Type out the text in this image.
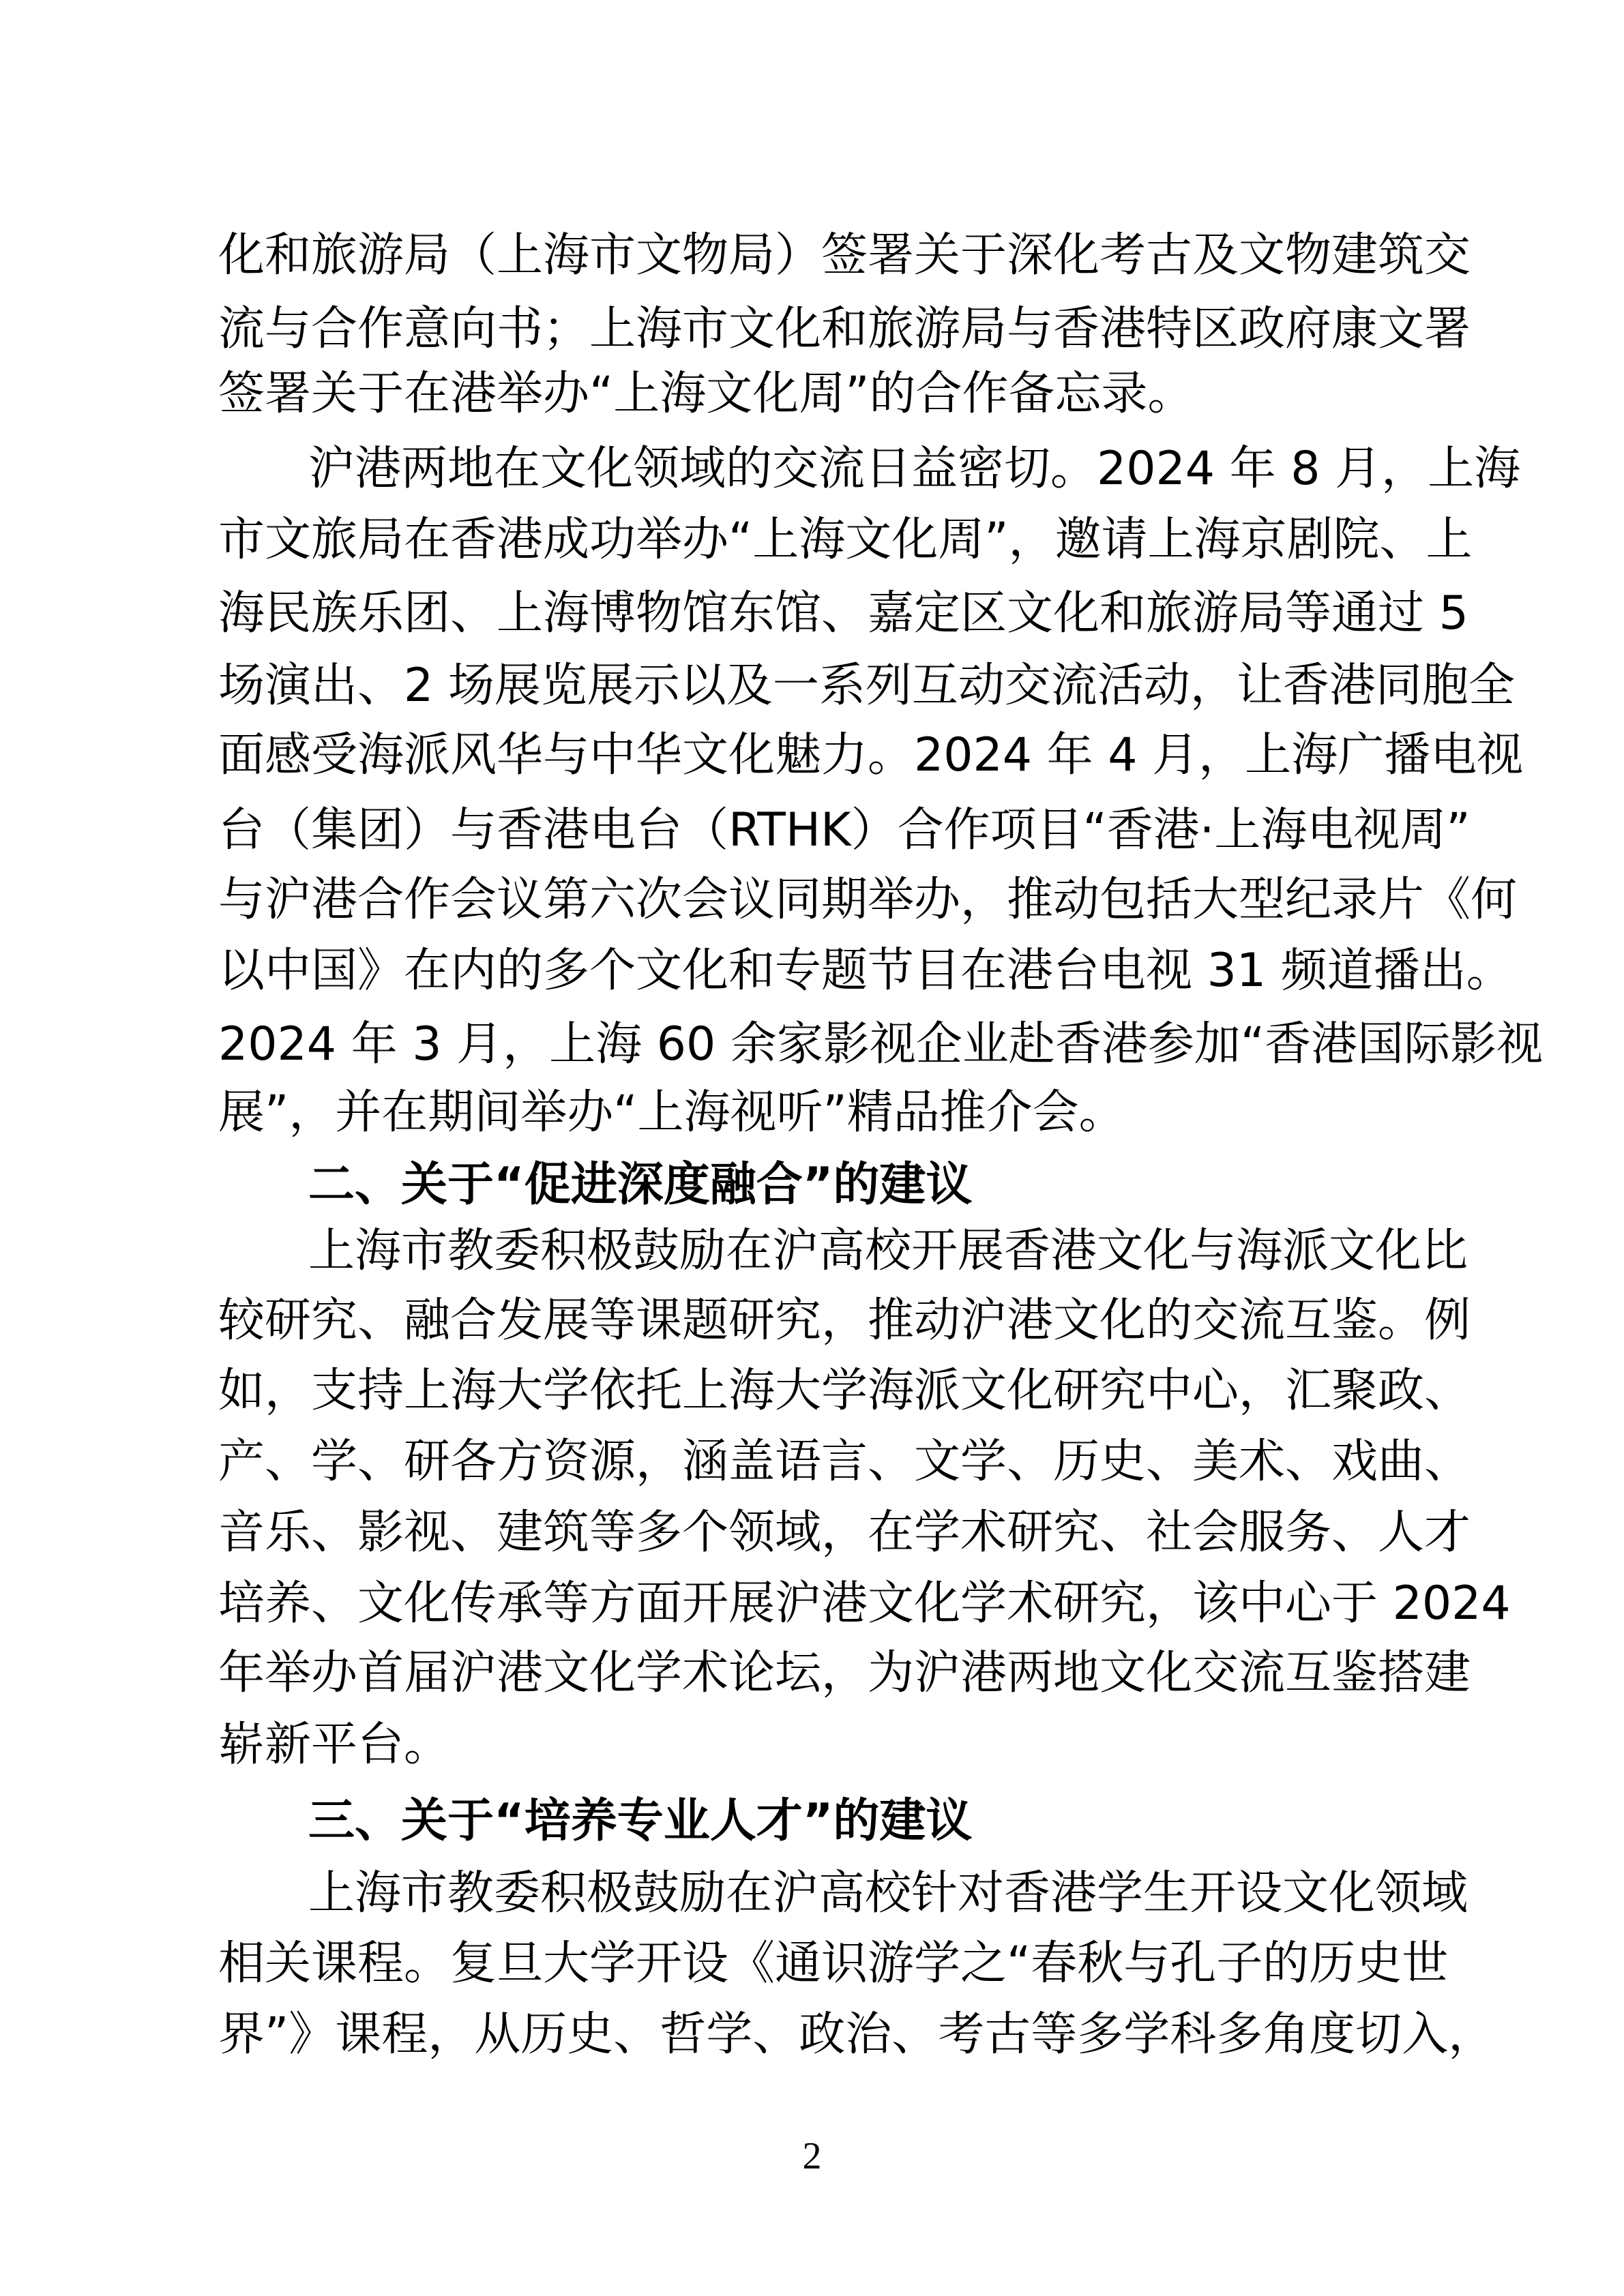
化和旅游局（上海市文物局）签署关于深化考古及文物建筑交
流与合作意向书；上海市文化和旅游局与香港特区政府康文署
签署关于在港举办“上海文化周”的合作备忘录。
沪港两地在文化领域的交流日益密切。2024 年 8 月，上海
市文旅局在香港成功举办“上海文化周”，邀请上海京剧院、上
海民族乐团、上海博物馆东馆、嘉定区文化和旅游局等通过 5
场演出、2 场展览展示以及一系列互动交流活动，让香港同胞全
面感受海派风华与中华文化魅力。2024 年 4 月，上海广播电视
台（集团）与香港电台（RTHK）合作项目“香港·上海电视周”
与沪港合作会议第六次会议同期举办，推动包括大型纪录片《何
以中国》在内的多个文化和专题节目在港台电视 31 频道播出。
2024 年 3 月，上海 60 余家影视企业赴香港参加“香港国际影视
展”，并在期间举办“上海视听”精品推介会。
二、关于“促进深度融合”的建议
上海市教委积极鼓励在沪高校开展香港文化与海派文化比
较研究、融合发展等课题研究，推动沪港文化的交流互鉴。例
如，支持上海大学依托上海大学海派文化研究中心，汇聚政、
产、学、研各方资源，涵盖语言、文学、历史、美术、戏曲、
音乐、影视、建筑等多个领域，在学术研究、社会服务、人才
培养、文化传承等方面开展沪港文化学术研究，该中心于 2024
年举办首届沪港文化学术论坛，为沪港两地文化交流互鉴搭建
崭新平台。
三、关于“培养专业人才”的建议
上海市教委积极鼓励在沪高校针对香港学生开设文化领域
相关课程。复旦大学开设《通识游学之“春秋与孔子的历史世
界”》课程，从历史、哲学、政治、考古等多学科多角度切入，
2
